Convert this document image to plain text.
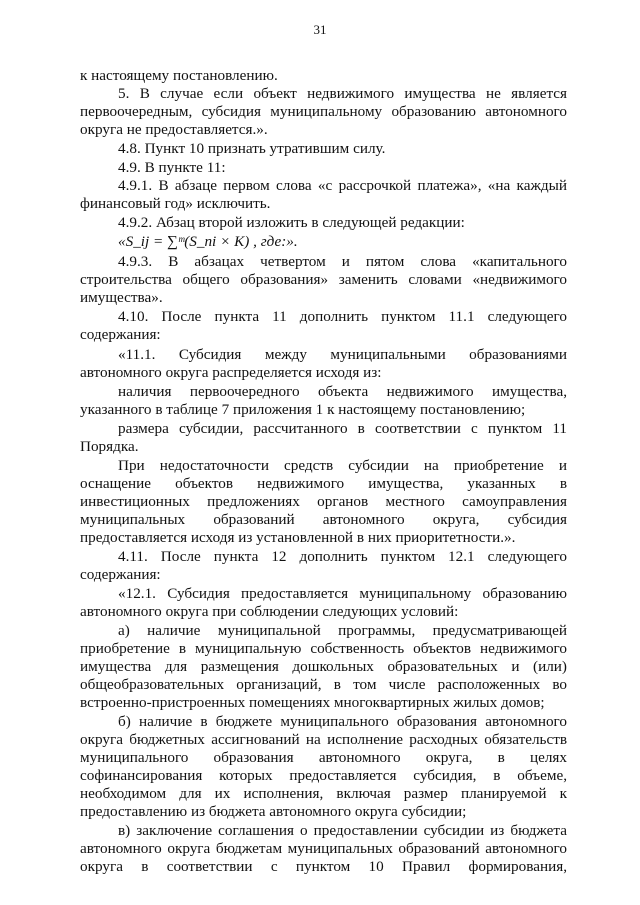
31
к настоящему постановлению.
5. В случае если объект недвижимого имущества не является
первоочередным, субсидия муниципальному образованию автономного
округа не предоставляется.».
4.8. Пункт 10 признать утратившим силу.
4.9. В пункте 11:
4.9.1. В абзаце первом слова «с рассрочкой платежа», «на каждый
финансовый год» исключить.
4.9.2. Абзац второй изложить в следующей редакции:
«S_ij = ∑ᵐ(S_ni × K) , где:».
4.9.3. В абзацах четвертом и пятом слова «капитального
строительства общего образования» заменить словами «недвижимого
имущества».
4.10. После пункта 11 дополнить пунктом 11.1 следующего
содержания:
«11.1. Субсидия между муниципальными образованиями
автономного округа распределяется исходя из:
наличия первоочередного объекта недвижимого имущества,
указанного в таблице 7 приложения 1 к настоящему постановлению;
размера субсидии, рассчитанного в соответствии с пунктом 11
Порядка.
При недостаточности средств субсидии на приобретение и
оснащение объектов недвижимого имущества, указанных в
инвестиционных предложениях органов местного самоуправления
муниципальных образований автономного округа, субсидия
предоставляется исходя из установленной в них приоритетности.».
4.11. После пункта 12 дополнить пунктом 12.1 следующего
содержания:
«12.1. Субсидия предоставляется муниципальному образованию
автономного округа при соблюдении следующих условий:
а) наличие муниципальной программы, предусматривающей
приобретение в муниципальную собственность объектов недвижимого
имущества для размещения дошкольных образовательных и (или)
общеобразовательных организаций, в том числе расположенных во
встроенно-пристроенных помещениях многоквартирных жилых домов;
б) наличие в бюджете муниципального образования автономного
округа бюджетных ассигнований на исполнение расходных обязательств
муниципального образования автономного округа, в целях
софинансирования которых предоставляется субсидия, в объеме,
необходимом для их исполнения, включая размер планируемой к
предоставлению из бюджета автономного округа субсидии;
в) заключение соглашения о предоставлении субсидии из бюджета
автономного округа бюджетам муниципальных образований автономного
округа в соответствии с пунктом 10 Правил формирования,
